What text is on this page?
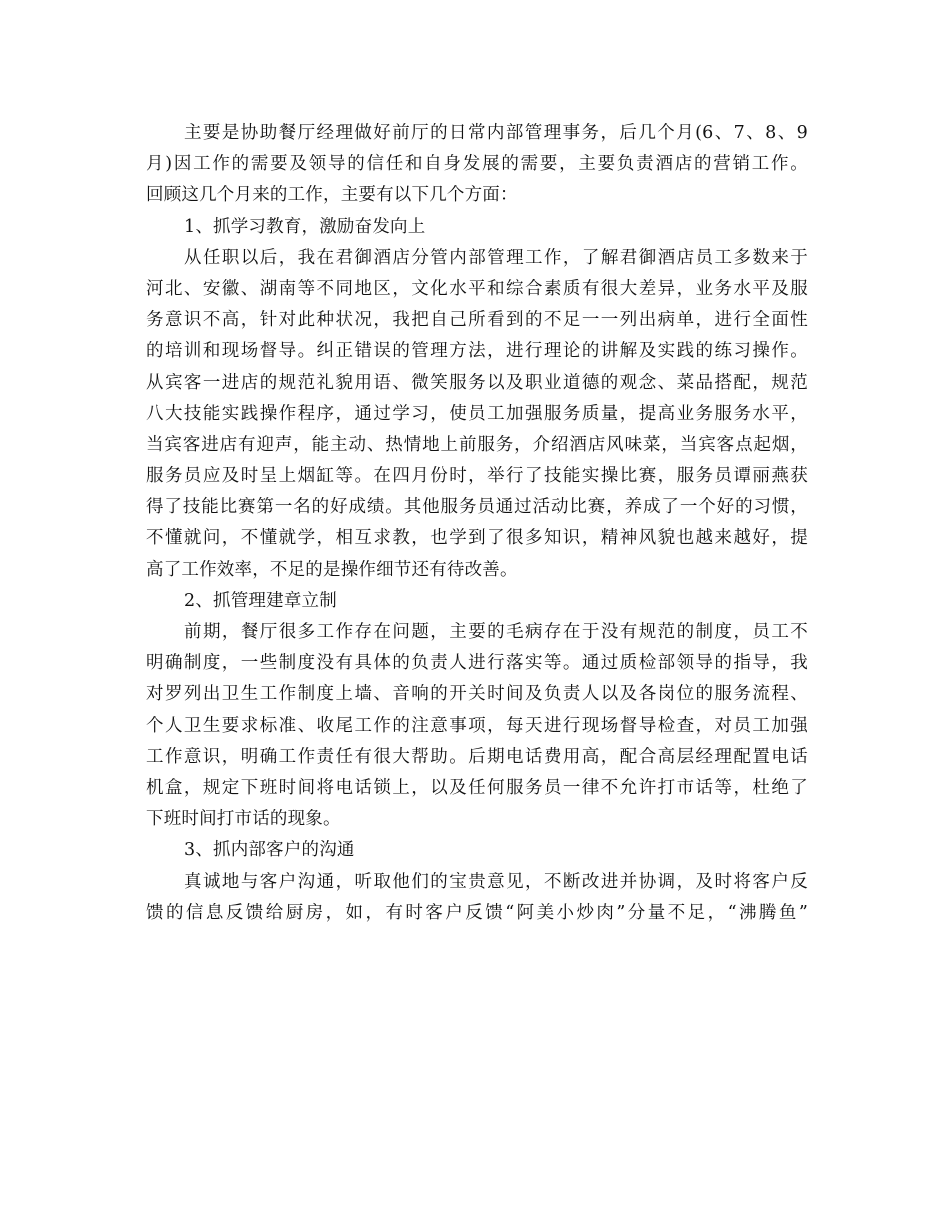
主要是协助餐厅经理做好前厅的日常内部管理事务，后几个月(6、7、8、9
月)因工作的需要及领导的信任和自身发展的需要，主要负责酒店的营销工作。
回顾这几个月来的工作，主要有以下几个方面：
1、抓学习教育，激励奋发向上
从任职以后，我在君御酒店分管内部管理工作，了解君御酒店员工多数来于
河北、安徽、湖南等不同地区，文化水平和综合素质有很大差异，业务水平及服
务意识不高，针对此种状况，我把自己所看到的不足一一列出病单，进行全面性
的培训和现场督导。纠正错误的管理方法，进行理论的讲解及实践的练习操作。
从宾客一进店的规范礼貌用语、微笑服务以及职业道德的观念、菜品搭配，规范
八大技能实践操作程序，通过学习，使员工加强服务质量，提高业务服务水平，
当宾客进店有迎声，能主动、热情地上前服务，介绍酒店风味菜，当宾客点起烟，
服务员应及时呈上烟缸等。在四月份时，举行了技能实操比赛，服务员谭丽燕获
得了技能比赛第一名的好成绩。其他服务员通过活动比赛，养成了一个好的习惯，
不懂就问，不懂就学，相互求教，也学到了很多知识，精神风貌也越来越好，提
高了工作效率，不足的是操作细节还有待改善。
2、抓管理建章立制
前期，餐厅很多工作存在问题，主要的毛病存在于没有规范的制度，员工不
明确制度，一些制度没有具体的负责人进行落实等。通过质检部领导的指导，我
对罗列出卫生工作制度上墙、音响的开关时间及负责人以及各岗位的服务流程、
个人卫生要求标准、收尾工作的注意事项，每天进行现场督导检查，对员工加强
工作意识，明确工作责任有很大帮助。后期电话费用高，配合高层经理配置电话
机盒，规定下班时间将电话锁上，以及任何服务员一律不允许打市话等，杜绝了
下班时间打市话的现象。
3、抓内部客户的沟通
真诚地与客户沟通，听取他们的宝贵意见，不断改进并协调，及时将客户反
馈的信息反馈给厨房，如，有时客户反馈“阿美小炒肉”分量不足，“沸腾鱼”
